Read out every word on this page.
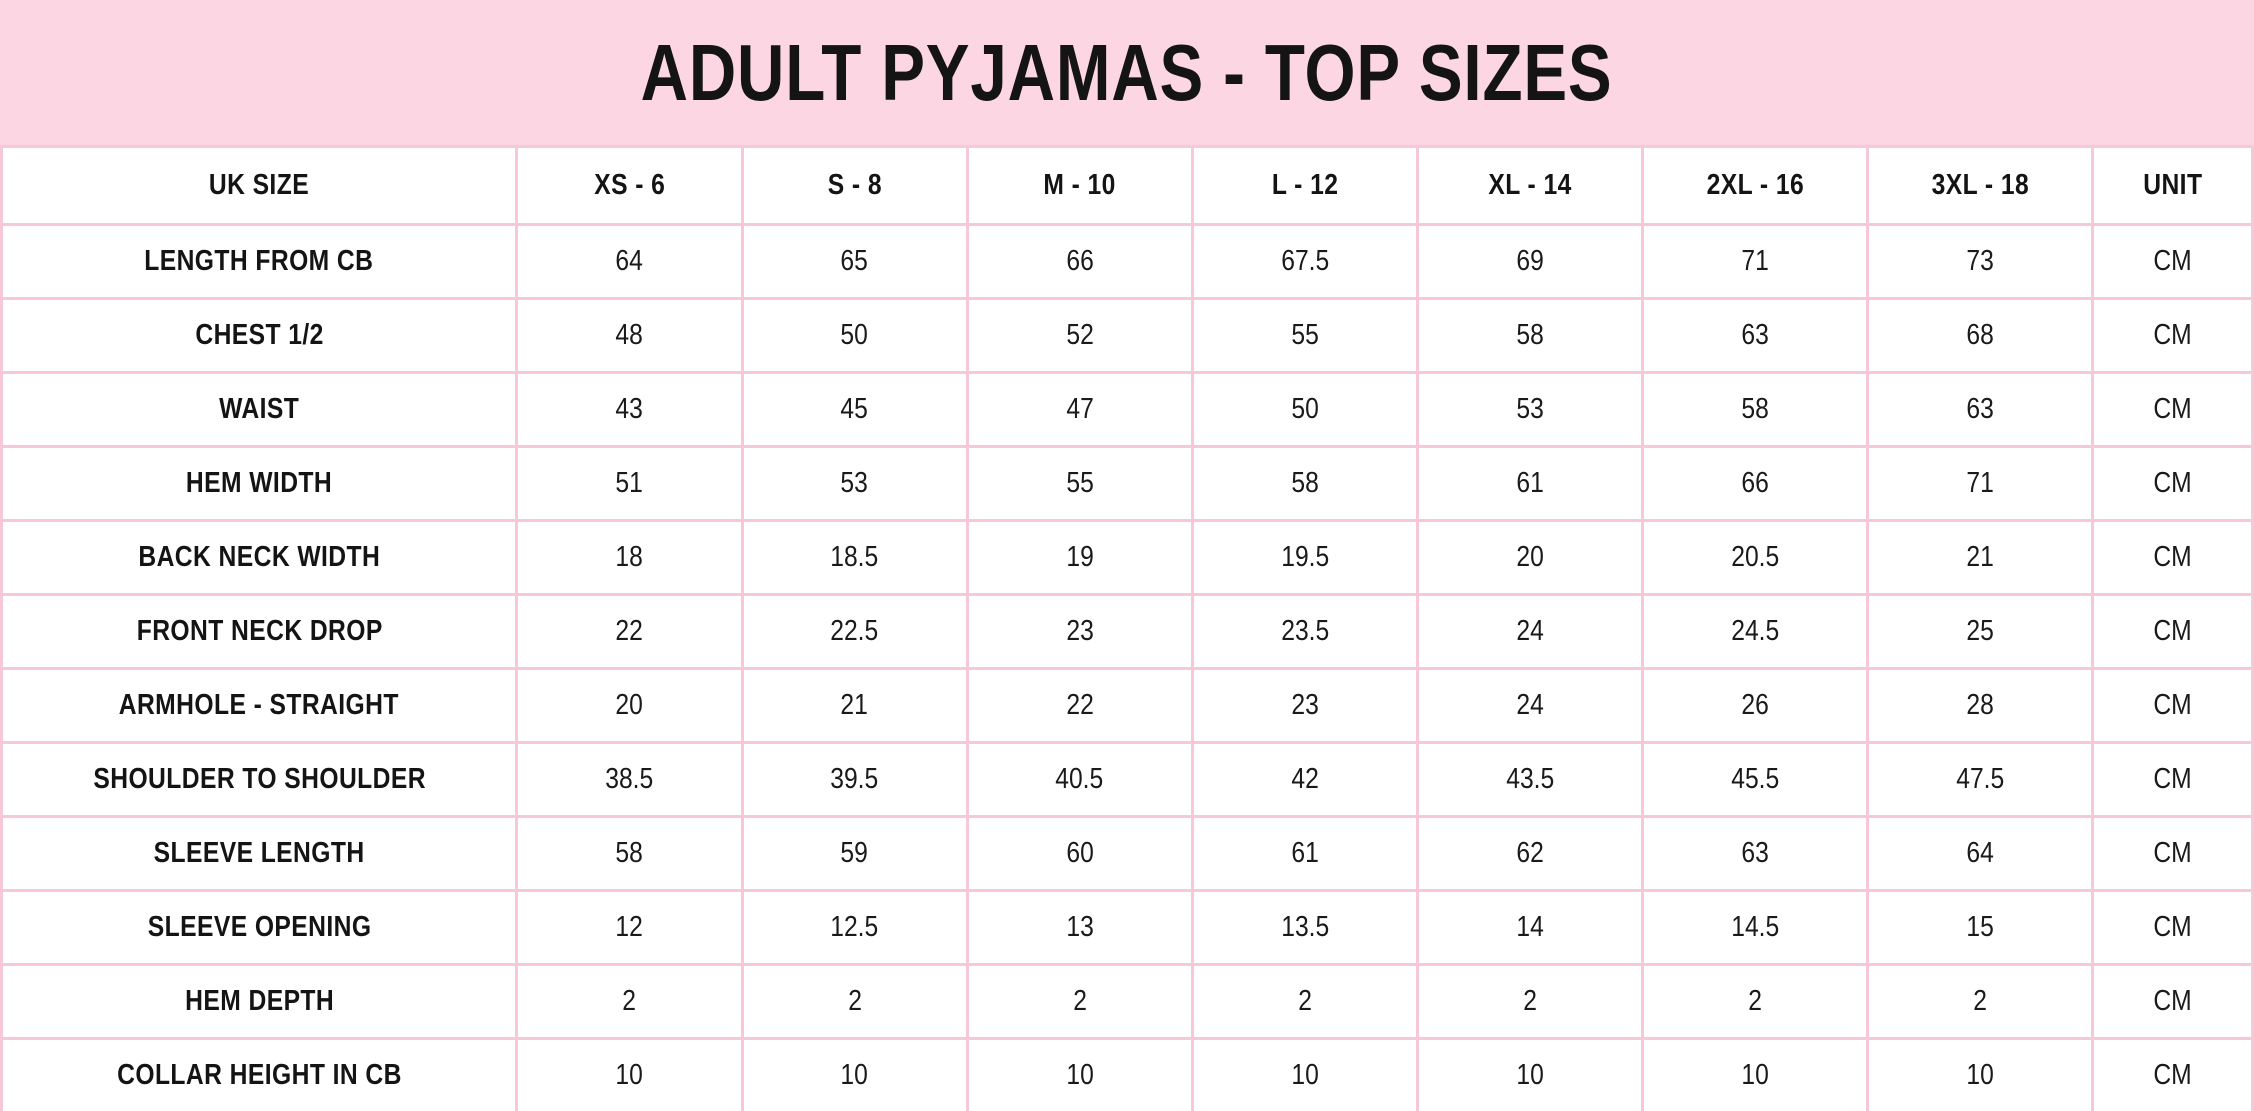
ADULT PYJAMAS - TOP SIZES
UK SIZE	XS - 6	S - 8	M - 10	L - 12	XL - 14	2XL - 16	3XL - 18	UNIT
LENGTH FROM CB	64	65	66	67.5	69	71	73	CM
CHEST 1/2	48	50	52	55	58	63	68	CM
WAIST	43	45	47	50	53	58	63	CM
HEM WIDTH	51	53	55	58	61	66	71	CM
BACK NECK WIDTH	18	18.5	19	19.5	20	20.5	21	CM
FRONT NECK DROP	22	22.5	23	23.5	24	24.5	25	CM
ARMHOLE - STRAIGHT	20	21	22	23	24	26	28	CM
SHOULDER TO SHOULDER	38.5	39.5	40.5	42	43.5	45.5	47.5	CM
SLEEVE LENGTH	58	59	60	61	62	63	64	CM
SLEEVE OPENING	12	12.5	13	13.5	14	14.5	15	CM
HEM DEPTH	2	2	2	2	2	2	2	CM
COLLAR HEIGHT IN CB	10	10	10	10	10	10	10	CM
